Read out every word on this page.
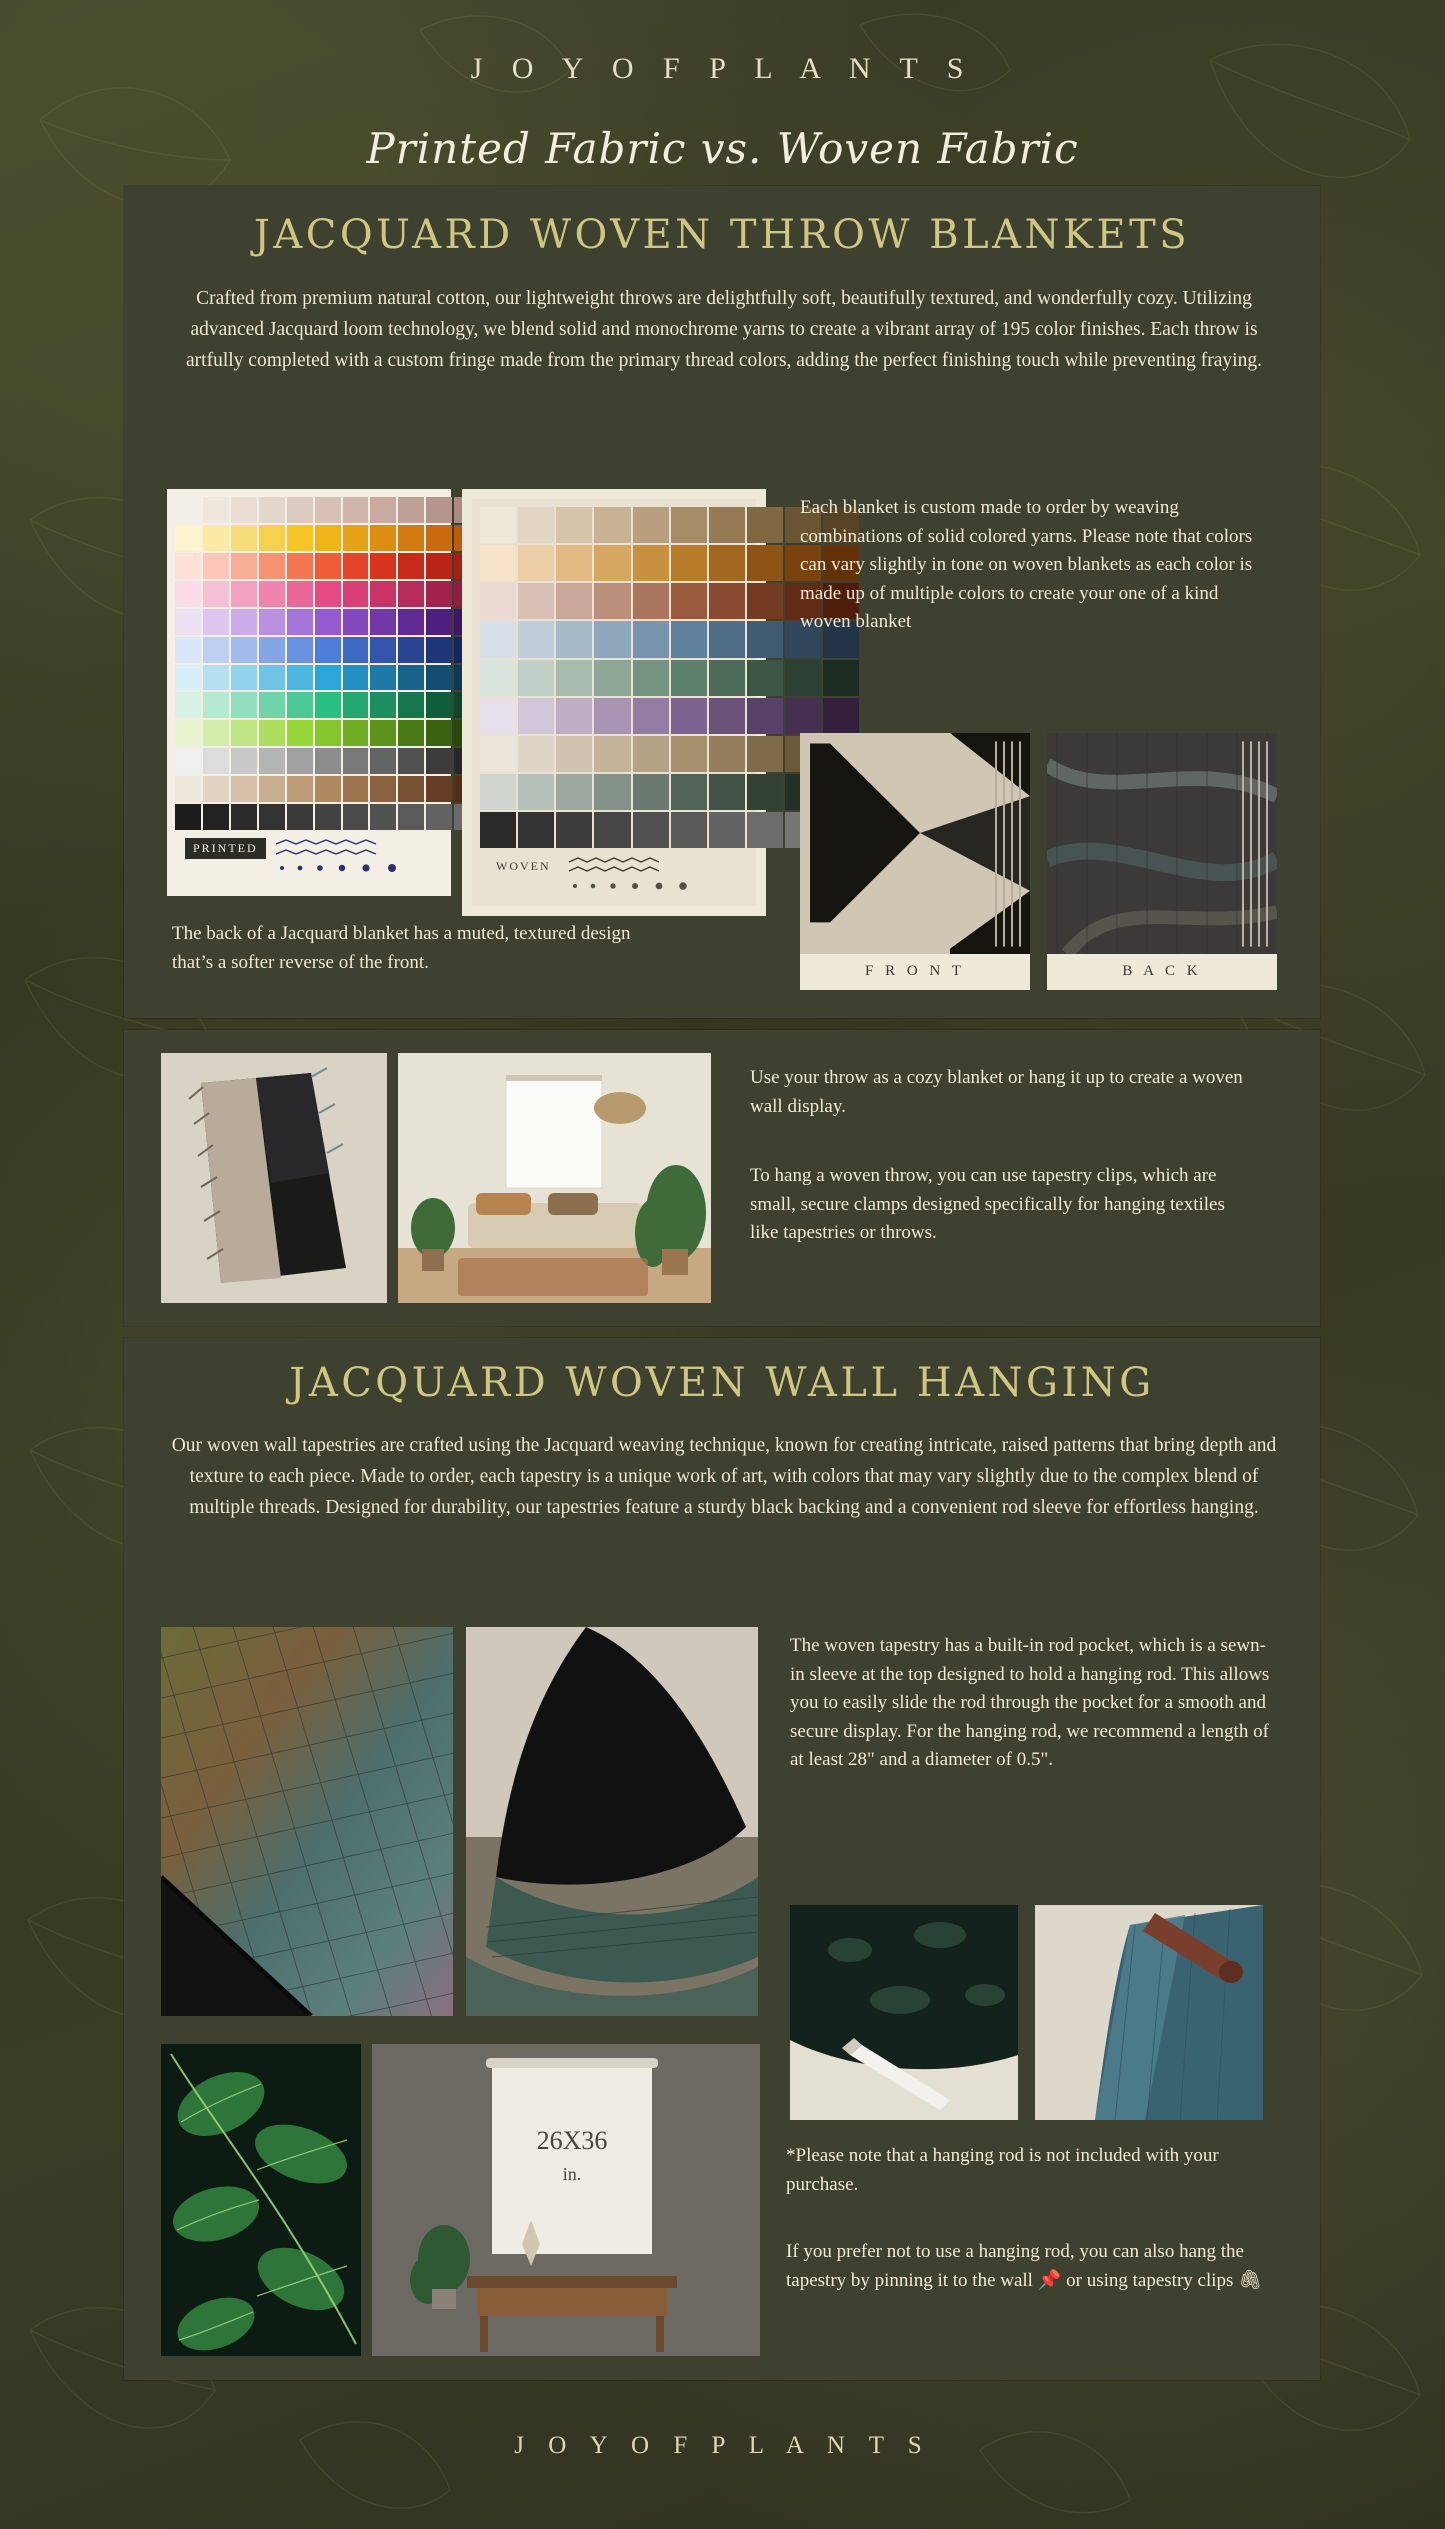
J O Y O F P L A N T S
Printed Fabric vs. Woven Fabric
JACQUARD WOVEN THROW BLANKETS
Crafted from premium natural cotton, our lightweight throws are delightfully soft, beautifully textured, and wonderfully cozy. Utilizing advanced Jacquard loom technology, we blend solid and monochrome yarns to create a vibrant array of 195 color finishes. Each throw is artfully completed with a custom fringe made from the primary thread colors, adding the perfect finishing touch while preventing fraying.
PRINTED
WOVEN
Each blanket is custom made to order by weaving combinations of solid colored yarns. Please note that colors can vary slightly in tone on woven blankets as each color is made up of multiple colors to create your one of a kind woven blanket
The back of a Jacquard blanket has a muted, textured design that’s a softer reverse of the front.	F R O N T	B A C K
Use your throw as a cozy blanket or hang it up to create a woven wall display.
To hang a woven throw, you can use tapestry clips, which are small, secure clamps designed specifically for hanging textiles like tapestries or throws.
JACQUARD WOVEN WALL HANGING
Our woven wall tapestries are crafted using the Jacquard weaving technique, known for creating intricate, raised patterns that bring depth and texture to each piece. Made to order, each tapestry is a unique work of art, with colors that may vary slightly due to the complex blend of multiple threads. Designed for durability, our tapestries feature a sturdy black backing and a convenient rod sleeve for effortless hanging.
The woven tapestry has a built-in rod pocket, which is a sewn-in sleeve at the top designed to hold a hanging rod. This allows you to easily slide the rod through the pocket for a smooth and secure display. For the hanging rod, we recommend a length of at least 28" and a diameter of 0.5".
26X36
in.
*Please note that a hanging rod is not included with your purchase.
If you prefer not to use a hanging rod, you can also hang the tapestry by pinning it to the wall 📌 or using tapestry clips 🖇
J O Y O F P L A N T S
